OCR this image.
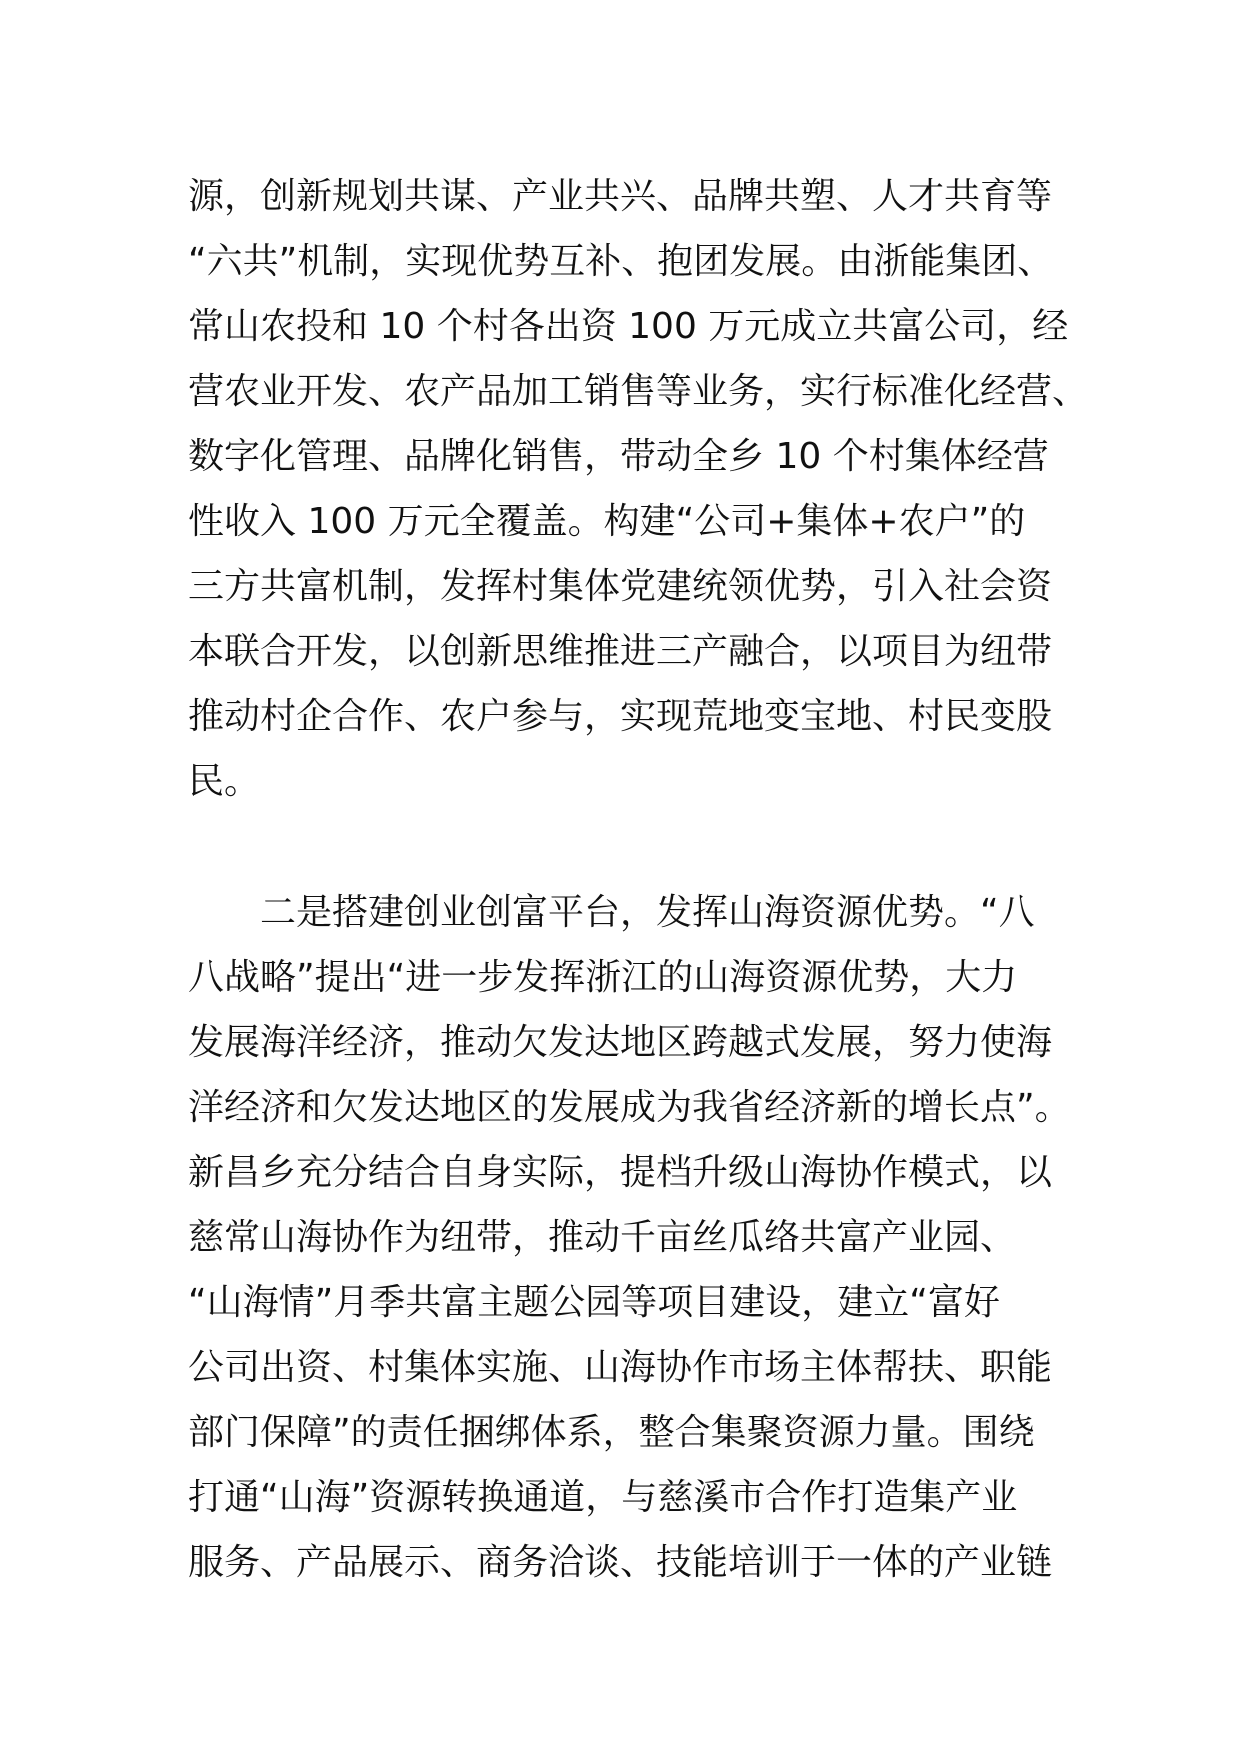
源，创新规划共谋、产业共兴、品牌共塑、人才共育等
“六共”机制，实现优势互补、抱团发展。由浙能集团、
常山农投和 10 个村各出资 100 万元成立共富公司，经
营农业开发、农产品加工销售等业务，实行标准化经营、
数字化管理、品牌化销售，带动全乡 10 个村集体经营
性收入 100 万元全覆盖。构建“公司+集体+农户”的
三方共富机制，发挥村集体党建统领优势，引入社会资
本联合开发，以创新思维推进三产融合，以项目为纽带
推动村企合作、农户参与，实现荒地变宝地、村民变股
民。
　　二是搭建创业创富平台，发挥山海资源优势。“八
八战略”提出“进一步发挥浙江的山海资源优势，大力
发展海洋经济，推动欠发达地区跨越式发展，努力使海
洋经济和欠发达地区的发展成为我省经济新的增长点”。
新昌乡充分结合自身实际，提档升级山海协作模式，以
慈常山海协作为纽带，推动千亩丝瓜络共富产业园、
“山海情”月季共富主题公园等项目建设，建立“富好
公司出资、村集体实施、山海协作市场主体帮扶、职能
部门保障”的责任捆绑体系，整合集聚资源力量。围绕
打通“山海”资源转换通道，与慈溪市合作打造集产业
服务、产品展示、商务洽谈、技能培训于一体的产业链
